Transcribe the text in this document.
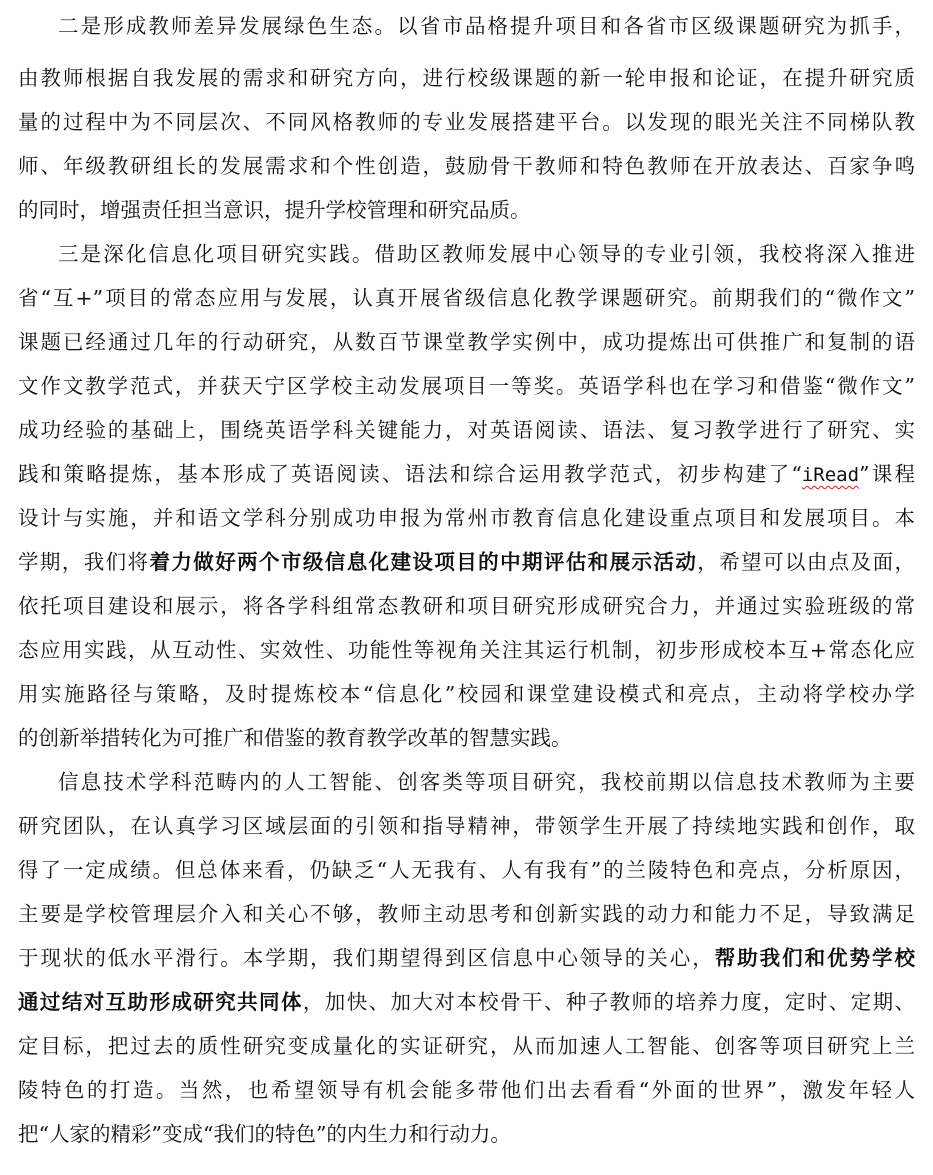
二是形成教师差异发展绿色生态。以省市品格提升项目和各省市区级课题研究为抓手，
由教师根据自我发展的需求和研究方向，进行校级课题的新一轮申报和论证，在提升研究质
量的过程中为不同层次、不同风格教师的专业发展搭建平台。以发现的眼光关注不同梯队教
师、年级教研组长的发展需求和个性创造，鼓励骨干教师和特色教师在开放表达、百家争鸣
的同时，增强责任担当意识，提升学校管理和研究品质。
三是深化信息化项目研究实践。借助区教师发展中心领导的专业引领，我校将深入推进
省“互+”项目的常态应用与发展，认真开展省级信息化教学课题研究。前期我们的“微作文”
课题已经通过几年的行动研究，从数百节课堂教学实例中，成功提炼出可供推广和复制的语
文作文教学范式，并获天宁区学校主动发展项目一等奖。英语学科也在学习和借鉴“微作文”
成功经验的基础上，围绕英语学科关键能力，对英语阅读、语法、复习教学进行了研究、实
践和策略提炼，基本形成了英语阅读、语法和综合运用教学范式，初步构建了“iRead”课程
设计与实施，并和语文学科分别成功申报为常州市教育信息化建设重点项目和发展项目。本
学期，我们将着力做好两个市级信息化建设项目的中期评估和展示活动，希望可以由点及面，
依托项目建设和展示，将各学科组常态教研和项目研究形成研究合力，并通过实验班级的常
态应用实践，从互动性、实效性、功能性等视角关注其运行机制，初步形成校本互+常态化应
用实施路径与策略，及时提炼校本“信息化”校园和课堂建设模式和亮点，主动将学校办学
的创新举措转化为可推广和借鉴的教育教学改革的智慧实践。
信息技术学科范畴内的人工智能、创客类等项目研究，我校前期以信息技术教师为主要
研究团队，在认真学习区域层面的引领和指导精神，带领学生开展了持续地实践和创作，取
得了一定成绩。但总体来看，仍缺乏“人无我有、人有我有”的兰陵特色和亮点，分析原因，
主要是学校管理层介入和关心不够，教师主动思考和创新实践的动力和能力不足，导致满足
于现状的低水平滑行。本学期，我们期望得到区信息中心领导的关心，帮助我们和优势学校
通过结对互助形成研究共同体，加快、加大对本校骨干、种子教师的培养力度，定时、定期、
定目标，把过去的质性研究变成量化的实证研究，从而加速人工智能、创客等项目研究上兰
陵特色的打造。当然，也希望领导有机会能多带他们出去看看“外面的世界”，激发年轻人
把“人家的精彩”变成“我们的特色”的内生力和行动力。
